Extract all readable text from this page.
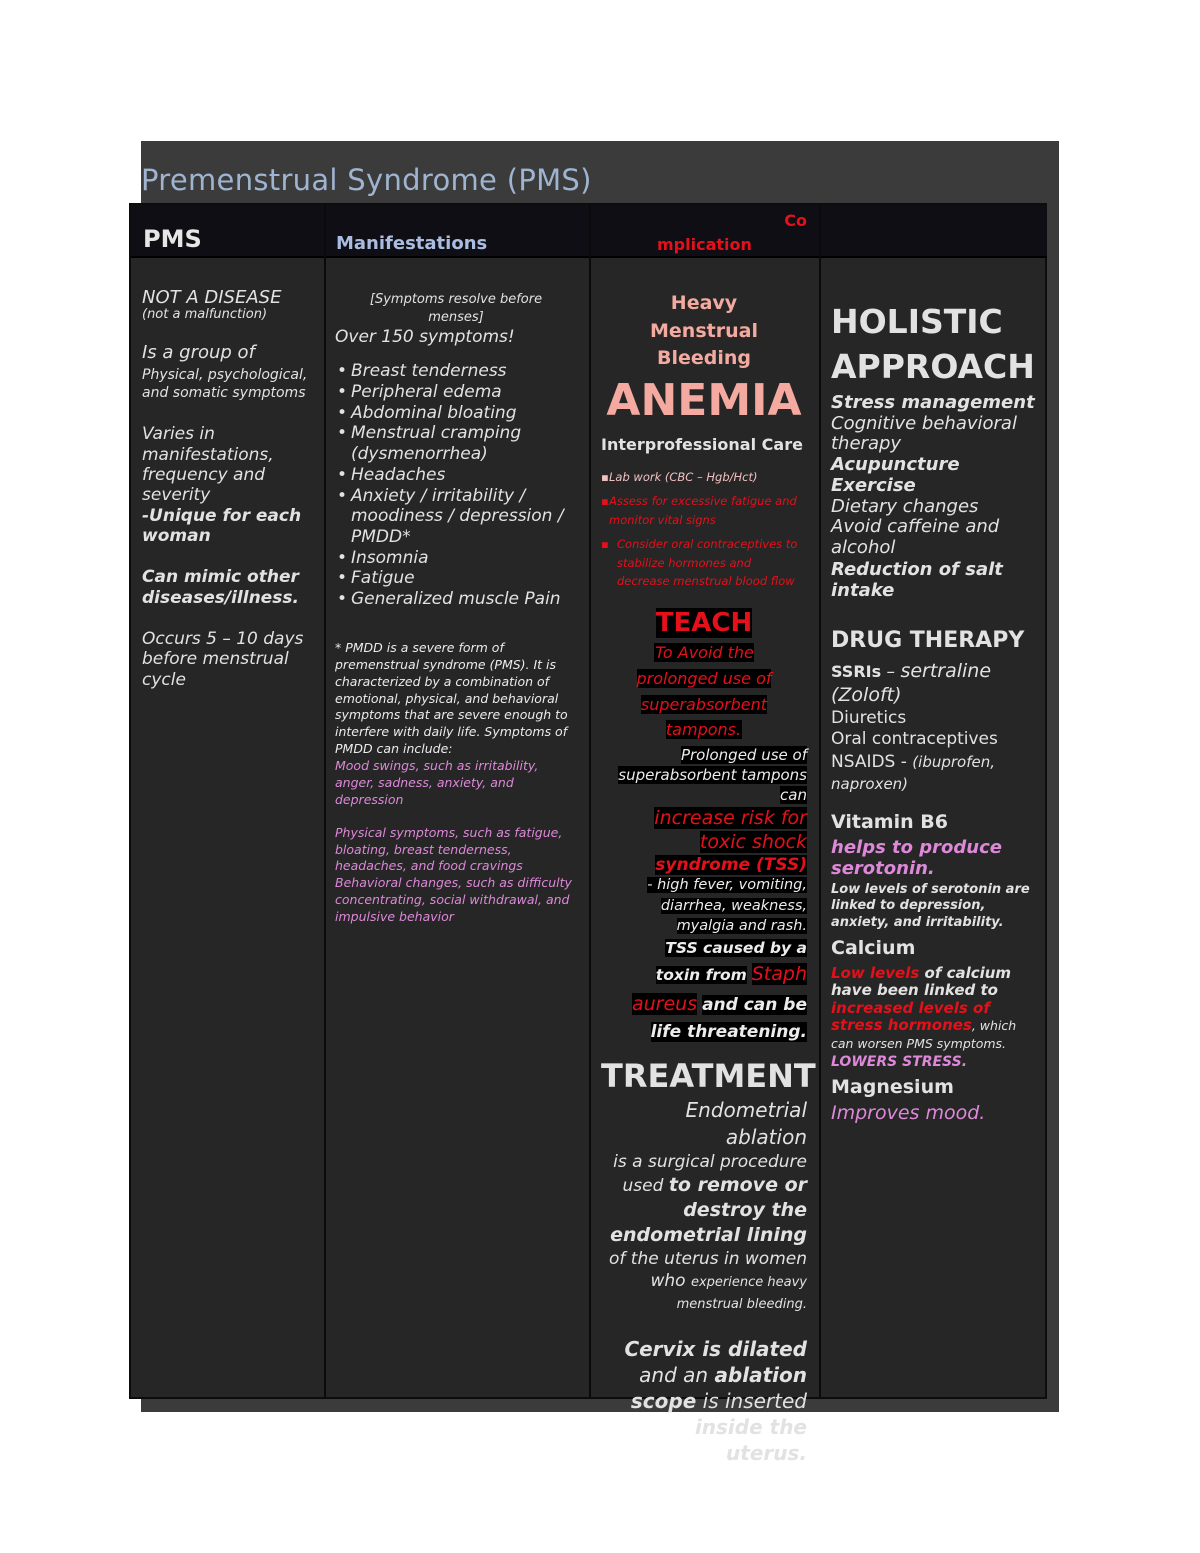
Premenstrual Syndrome (PMS)
PMS	Manifestations
Co
mplication

NOT A DISEASE

(not a malfunction)

Is a group of

Physical, psychological, and somatic symptoms

Varies in manifestations, frequency and severity

-Unique for each woman

Can mimic other diseases/illness.

Occurs 5 – 10 days before menstrual cycle

[Symptoms resolve before menses]

Over 150 symptoms!

• Breast tenderness
• Peripheral edema
• Abdominal bloating
• Menstrual cramping (dysmenorrhea)
• Headaches
• Anxiety / irritability / moodiness / depression / PMDD*
• Insomnia
• Fatigue
• Generalized muscle Pain

* PMDD is a severe form of premenstrual syndrome (PMS). It is characterized by a combination of emotional, physical, and behavioral symptoms that are severe enough to interfere with daily life. Symptoms of PMDD can include:

Mood swings, such as irritability, anger, sadness, anxiety, and depression

Physical symptoms, such as fatigue, bloating, breast tenderness, headaches, and food cravings

Behavioral changes, such as difficulty concentrating, social withdrawal, and impulsive behavior

Heavy Menstrual Bleeding

ANEMIA

Interprofessional Care

▪ Lab work (CBC – Hgb/Hct)
▪ Assess for excessive fatigue and monitor vital signs
▪ Consider oral contraceptives to stabilize hormones and decrease menstrual blood flow

TEACH

To Avoid the prolonged use of superabsorbent tampons.

Prolonged use of superabsorbent tampons can

increase risk for toxic shock

syndrome (TSS)

- high fever, vomiting, diarrhea, weakness, myalgia and rash.

TSS caused by a toxin from Staph aureus and can be life threatening.

TREATMENT

Endometrial ablation

is a surgical procedure used to remove or destroy the endometrial lining of the uterus in women who experience heavy menstrual bleeding.

Cervix is dilated and an ablation scope is inserted inside the uterus.

HOLISTIC

APPROACH

Stress management

Cognitive behavioral therapy

Acupuncture

Exercise

Dietary changes

Avoid caffeine and alcohol

Reduction of salt intake

DRUG THERAPY

SSRIs – sertraline (Zoloft)

Diuretics

Oral contraceptives

NSAIDS - (ibuprofen, naproxen)

Vitamin B6

helps to produce serotonin.

Low levels of serotonin are linked to depression, anxiety, and irritability.

Calcium

Low levels of calcium have been linked to increased levels of stress hormones, which can worsen PMS symptoms.

LOWERS STRESS.

Magnesium

Improves mood.
